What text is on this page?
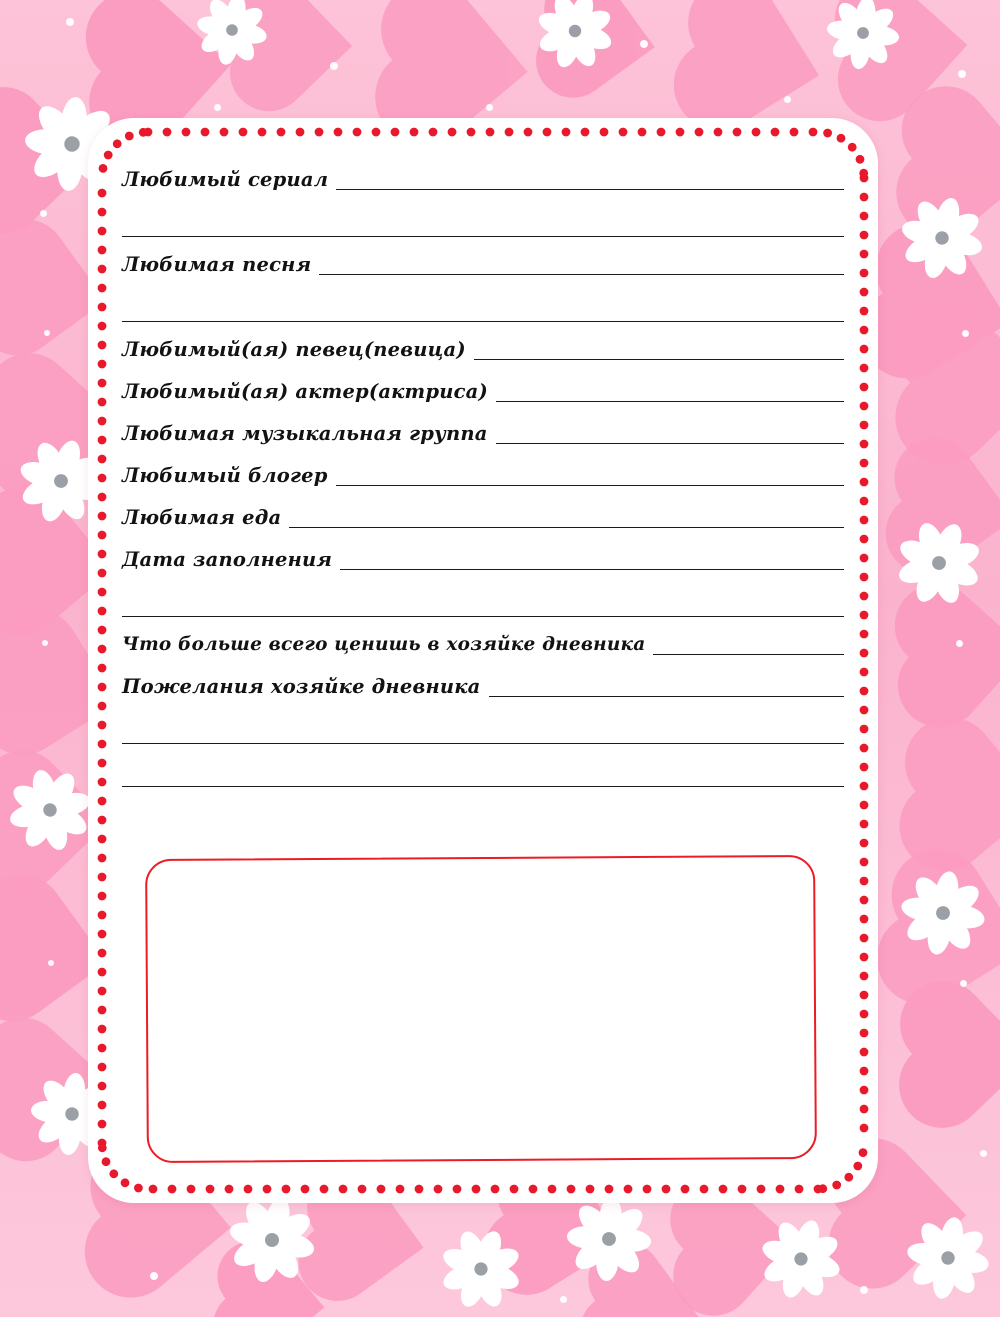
Любимый сериал
Любимая песня
Любимый(ая) певец(певица)
Любимый(ая) актер(актриса)
Любимая музыкальная группа
Любимый блогер
Любимая еда
Дата заполнения
Что больше всего ценишь в хозяйке дневника
Пожелания хозяйке дневника
